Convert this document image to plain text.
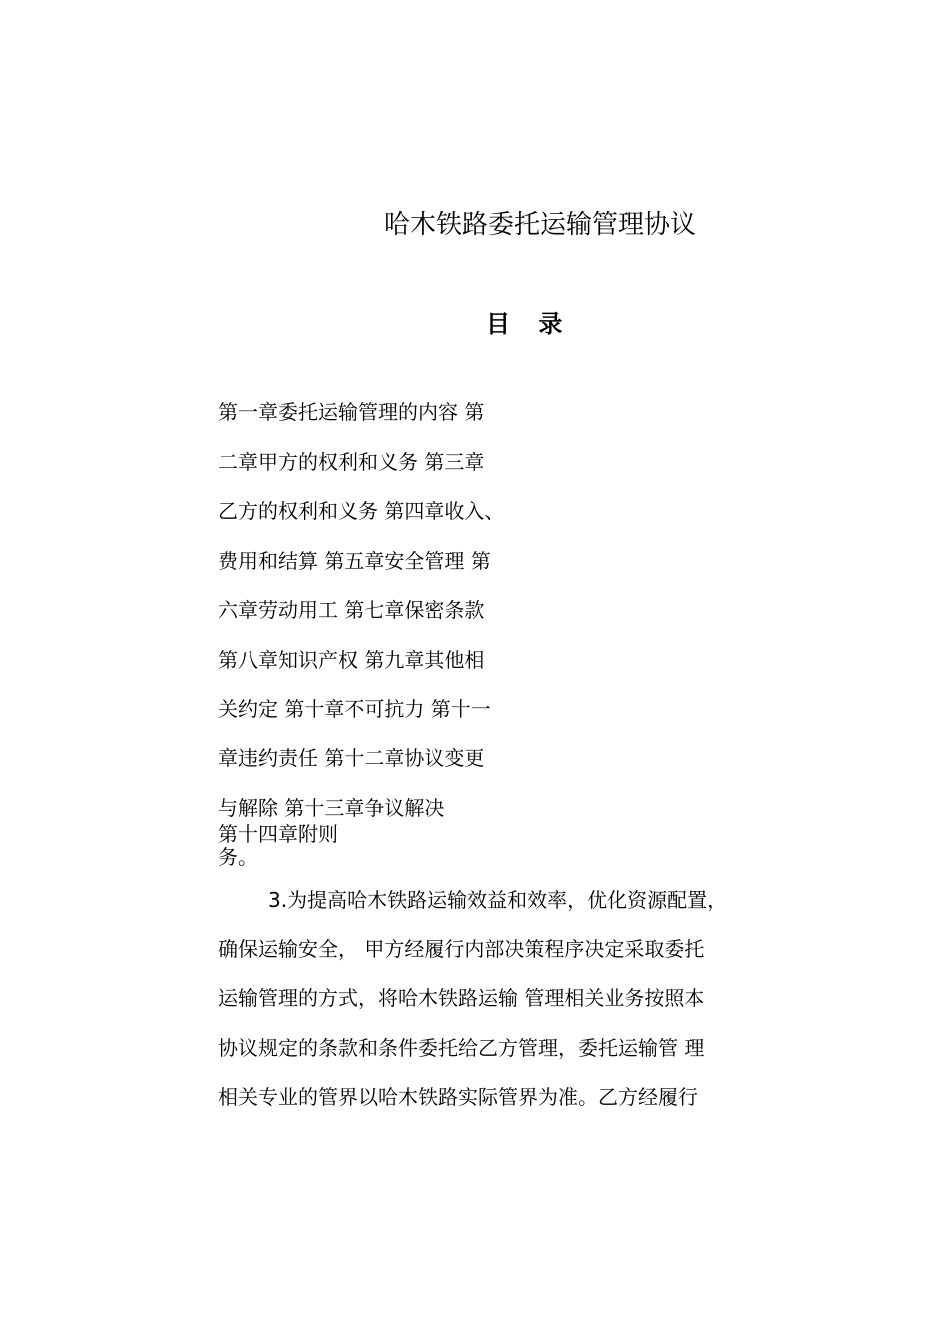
哈木铁路委托运输管理协议
目 录
第一章委托运输管理的内容 第
二章甲方的权利和义务 第三章
乙方的权利和义务 第四章收入、
费用和结算 第五章安全管理 第
六章劳动用工 第七章保密条款
第八章知识产权 第九章其他相
关约定 第十章不可抗力 第十一
章违约责任 第十二章协议变更
与解除 第十三章争议解决
第十四章附则
务。
3.为提高哈木铁路运输效益和效率，优化资源配置，
确保运输安全， 甲方经履行内部决策程序决定采取委托
运输管理的方式，将哈木铁路运输 管理相关业务按照本
协议规定的条款和条件委托给乙方管理，委托运输管 理
相关专业的管界以哈木铁路实际管界为准。乙方经履行
